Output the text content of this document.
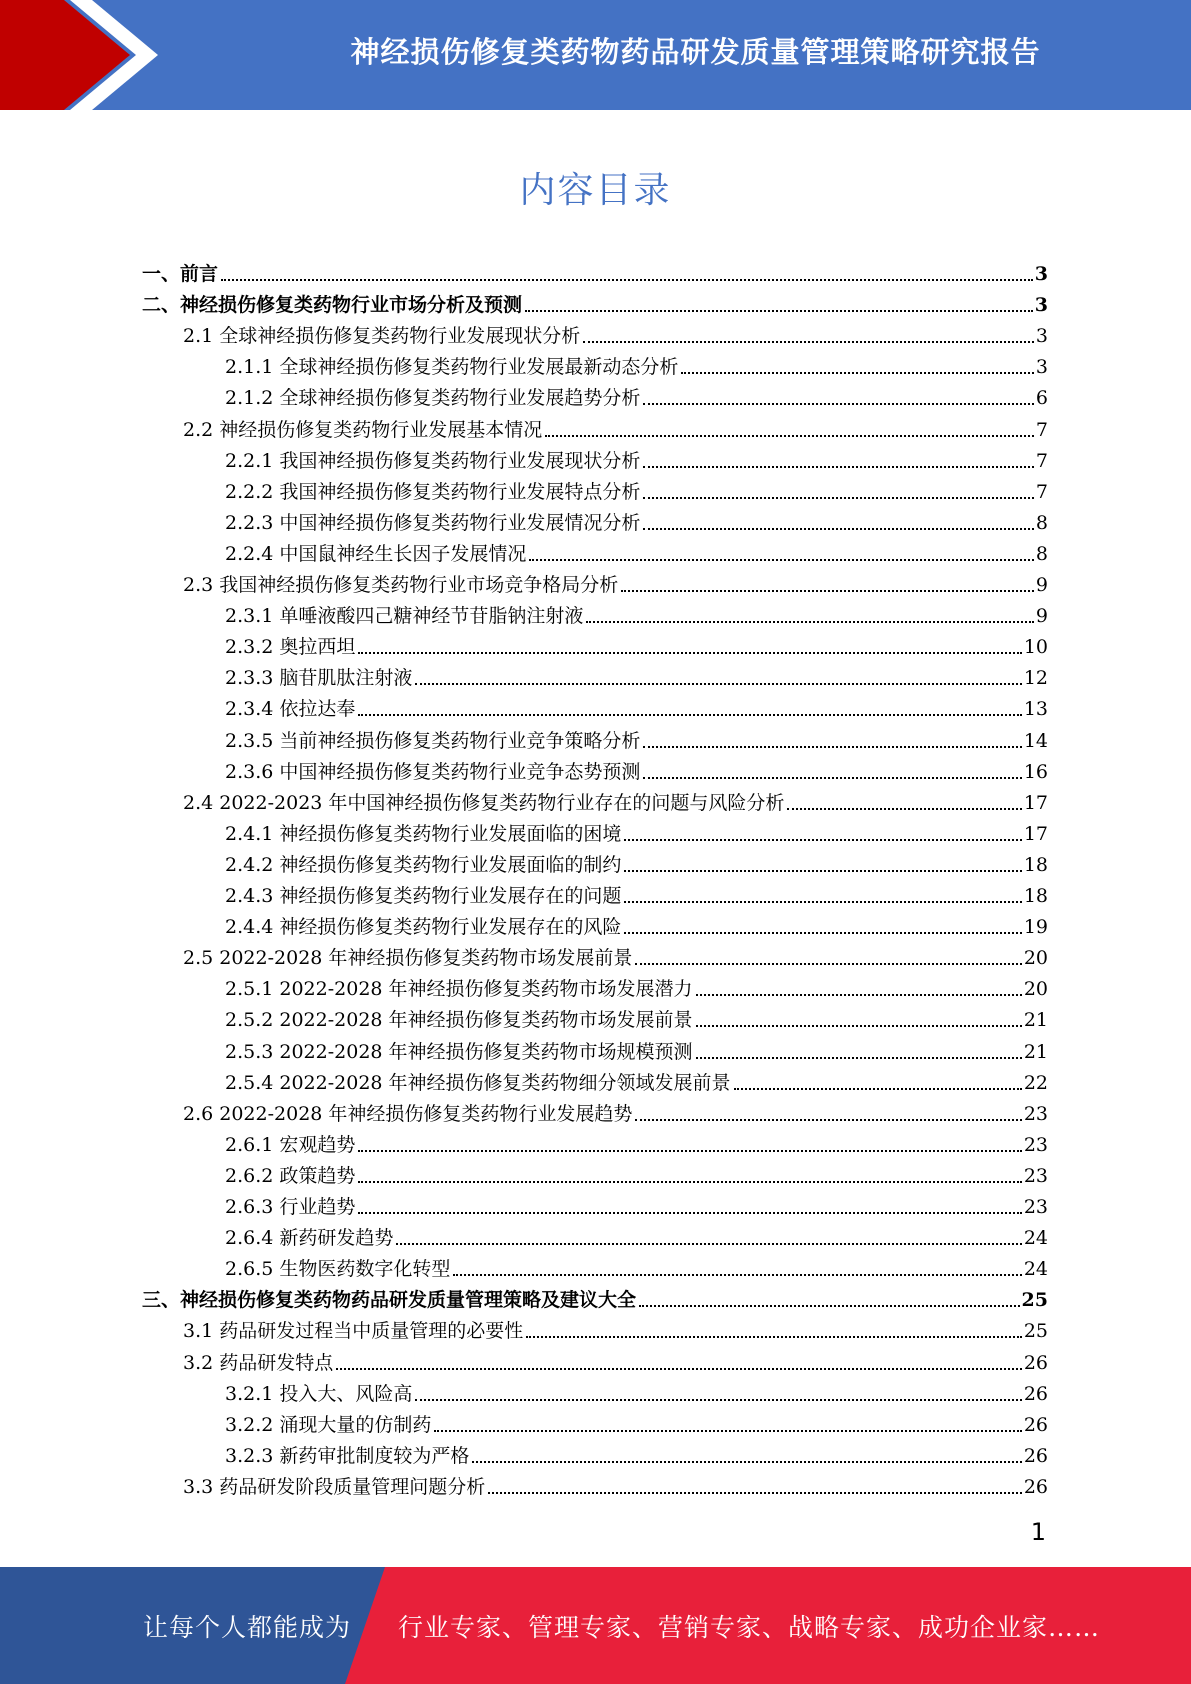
神经损伤修复类药物药品研发质量管理策略研究报告
内容目录
一、前言	3
二、神经损伤修复类药物行业市场分析及预测	3
2.1 全球神经损伤修复类药物行业发展现状分析	3
2.1.1 全球神经损伤修复类药物行业发展最新动态分析	3
2.1.2 全球神经损伤修复类药物行业发展趋势分析	6
2.2 神经损伤修复类药物行业发展基本情况	7
2.2.1 我国神经损伤修复类药物行业发展现状分析	7
2.2.2 我国神经损伤修复类药物行业发展特点分析	7
2.2.3 中国神经损伤修复类药物行业发展情况分析	8
2.2.4 中国鼠神经生长因子发展情况	8
2.3 我国神经损伤修复类药物行业市场竞争格局分析	9
2.3.1 单唾液酸四己糖神经节苷脂钠注射液	9
2.3.2 奥拉西坦	10
2.3.3 脑苷肌肽注射液	12
2.3.4 依拉达奉	13
2.3.5 当前神经损伤修复类药物行业竞争策略分析	14
2.3.6 中国神经损伤修复类药物行业竞争态势预测	16
2.4 2022-2023 年中国神经损伤修复类药物行业存在的问题与风险分析	17
2.4.1 神经损伤修复类药物行业发展面临的困境	17
2.4.2 神经损伤修复类药物行业发展面临的制约	18
2.4.3 神经损伤修复类药物行业发展存在的问题	18
2.4.4 神经损伤修复类药物行业发展存在的风险	19
2.5 2022-2028 年神经损伤修复类药物市场发展前景	20
2.5.1 2022-2028 年神经损伤修复类药物市场发展潜力	20
2.5.2 2022-2028 年神经损伤修复类药物市场发展前景	21
2.5.3 2022-2028 年神经损伤修复类药物市场规模预测	21
2.5.4 2022-2028 年神经损伤修复类药物细分领域发展前景	22
2.6 2022-2028 年神经损伤修复类药物行业发展趋势	23
2.6.1 宏观趋势	23
2.6.2 政策趋势	23
2.6.3 行业趋势	23
2.6.4 新药研发趋势	24
2.6.5 生物医药数字化转型	24
三、神经损伤修复类药物药品研发质量管理策略及建议大全	25
3.1 药品研发过程当中质量管理的必要性	25
3.2 药品研发特点	26
3.2.1 投入大、风险高	26
3.2.2 涌现大量的仿制药	26
3.2.3 新药审批制度较为严格	26
3.3 药品研发阶段质量管理问题分析	26
1
让每个人都能成为 行业专家、管理专家、营销专家、战略专家、成功企业家……
